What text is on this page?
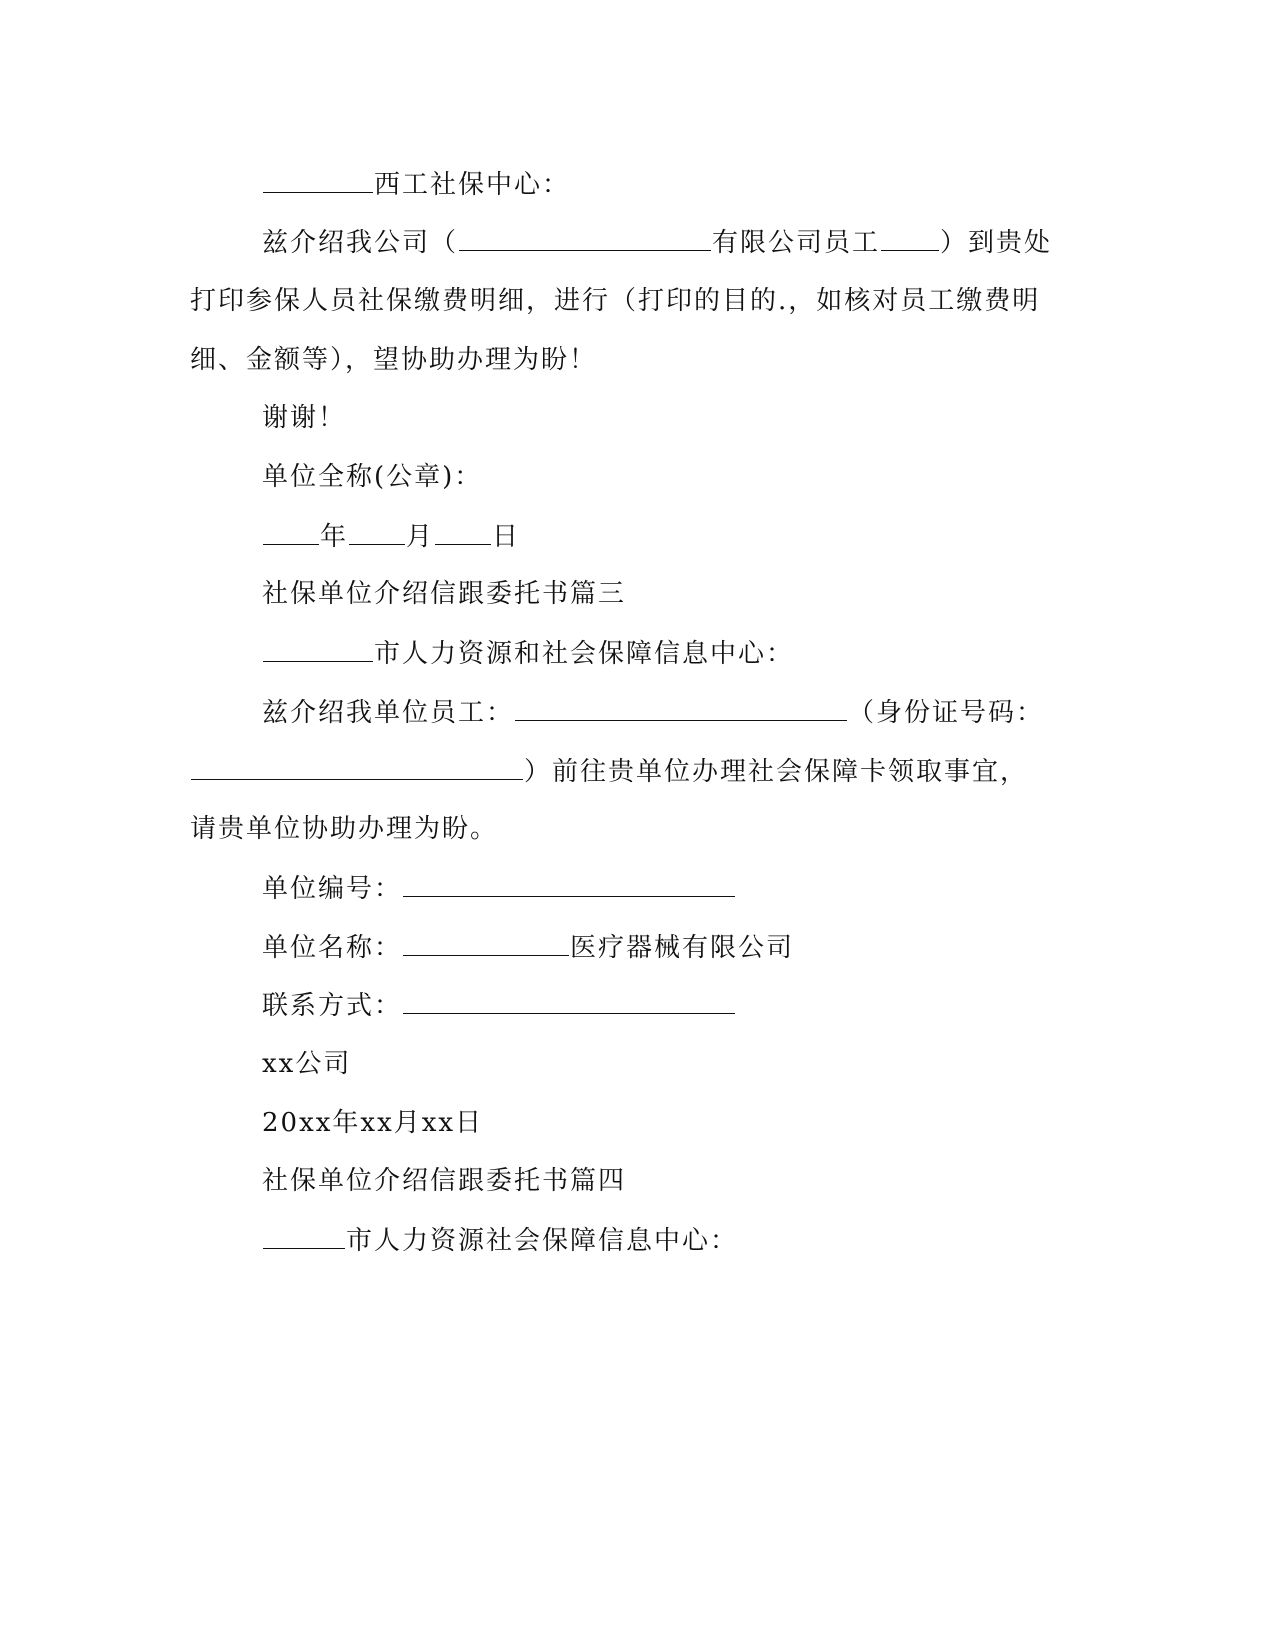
西工社保中心：
兹介绍我公司（	有限公司员工 ）到贵处
打印参保人员社保缴费明细，进行（打印的目的.，如核对员工缴费明
细、金额等），望协助办理为盼！
谢谢！
单位全称(公章)：
年 月 日
社保单位介绍信跟委托书篇三
市人力资源和社会保障信息中心：
兹介绍我单位员工：	（身份证号码：
）前往贵单位办理社会保障卡领取事宜，
请贵单位协助办理为盼。
单位编号：
单位名称：	医疗器械有限公司
联系方式：
xx公司
20xx年xx月xx日
社保单位介绍信跟委托书篇四
市人力资源社会保障信息中心：
